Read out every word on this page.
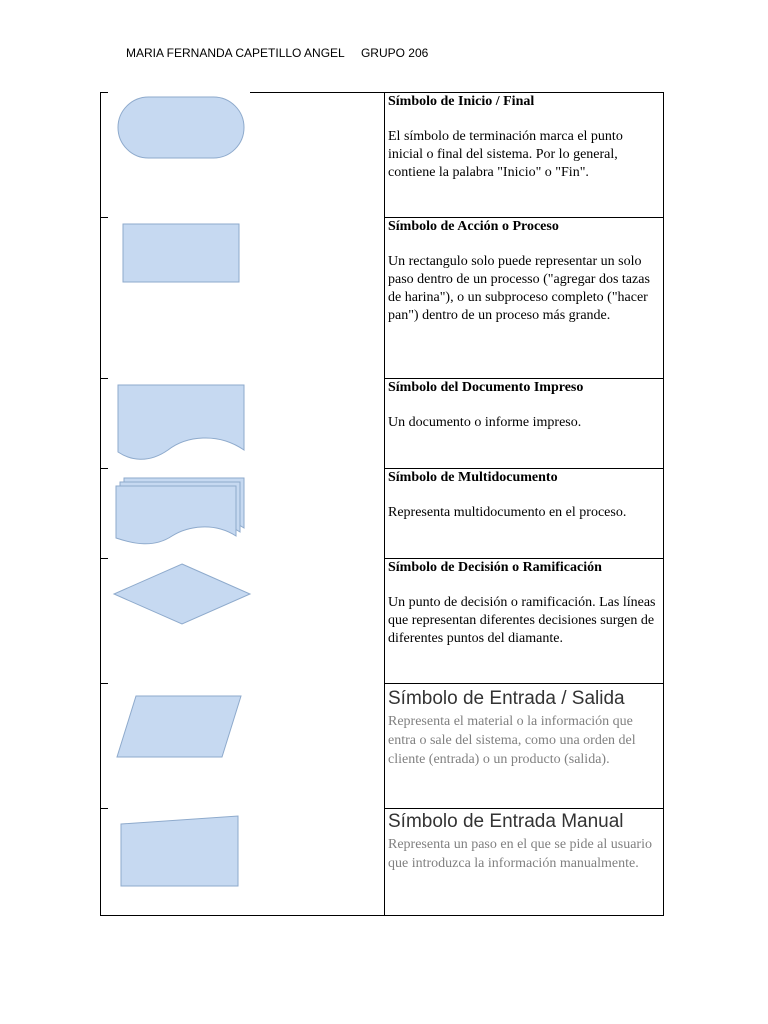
MARIA FERNANDA CAPETILLO ANGEL GRUPO 206
Símbolo de Inicio / Final
El símbolo de terminación marca el punto inicial o final del sistema. Por lo general, contiene la palabra "Inicio" o "Fin".
Símbolo de Acción o Proceso
Un rectangulo solo puede representar un solo paso dentro de un processo ("agregar dos tazas de harina"), o un subproceso completo ("hacer pan") dentro de un proceso más grande.
Símbolo del Documento Impreso
Un documento o informe impreso.
Símbolo de Multidocumento
Representa multidocumento en el proceso.
Símbolo de Decisión o Ramificación
Un punto de decisión o ramificación. Las líneas que representan diferentes decisiones surgen de diferentes puntos del diamante.
Símbolo de Entrada / Salida
Representa el material o la información que entra o sale del sistema, como una orden del cliente (entrada) o un producto (salida).
Símbolo de Entrada Manual
Representa un paso en el que se pide al usuario que introduzca la información manualmente.
